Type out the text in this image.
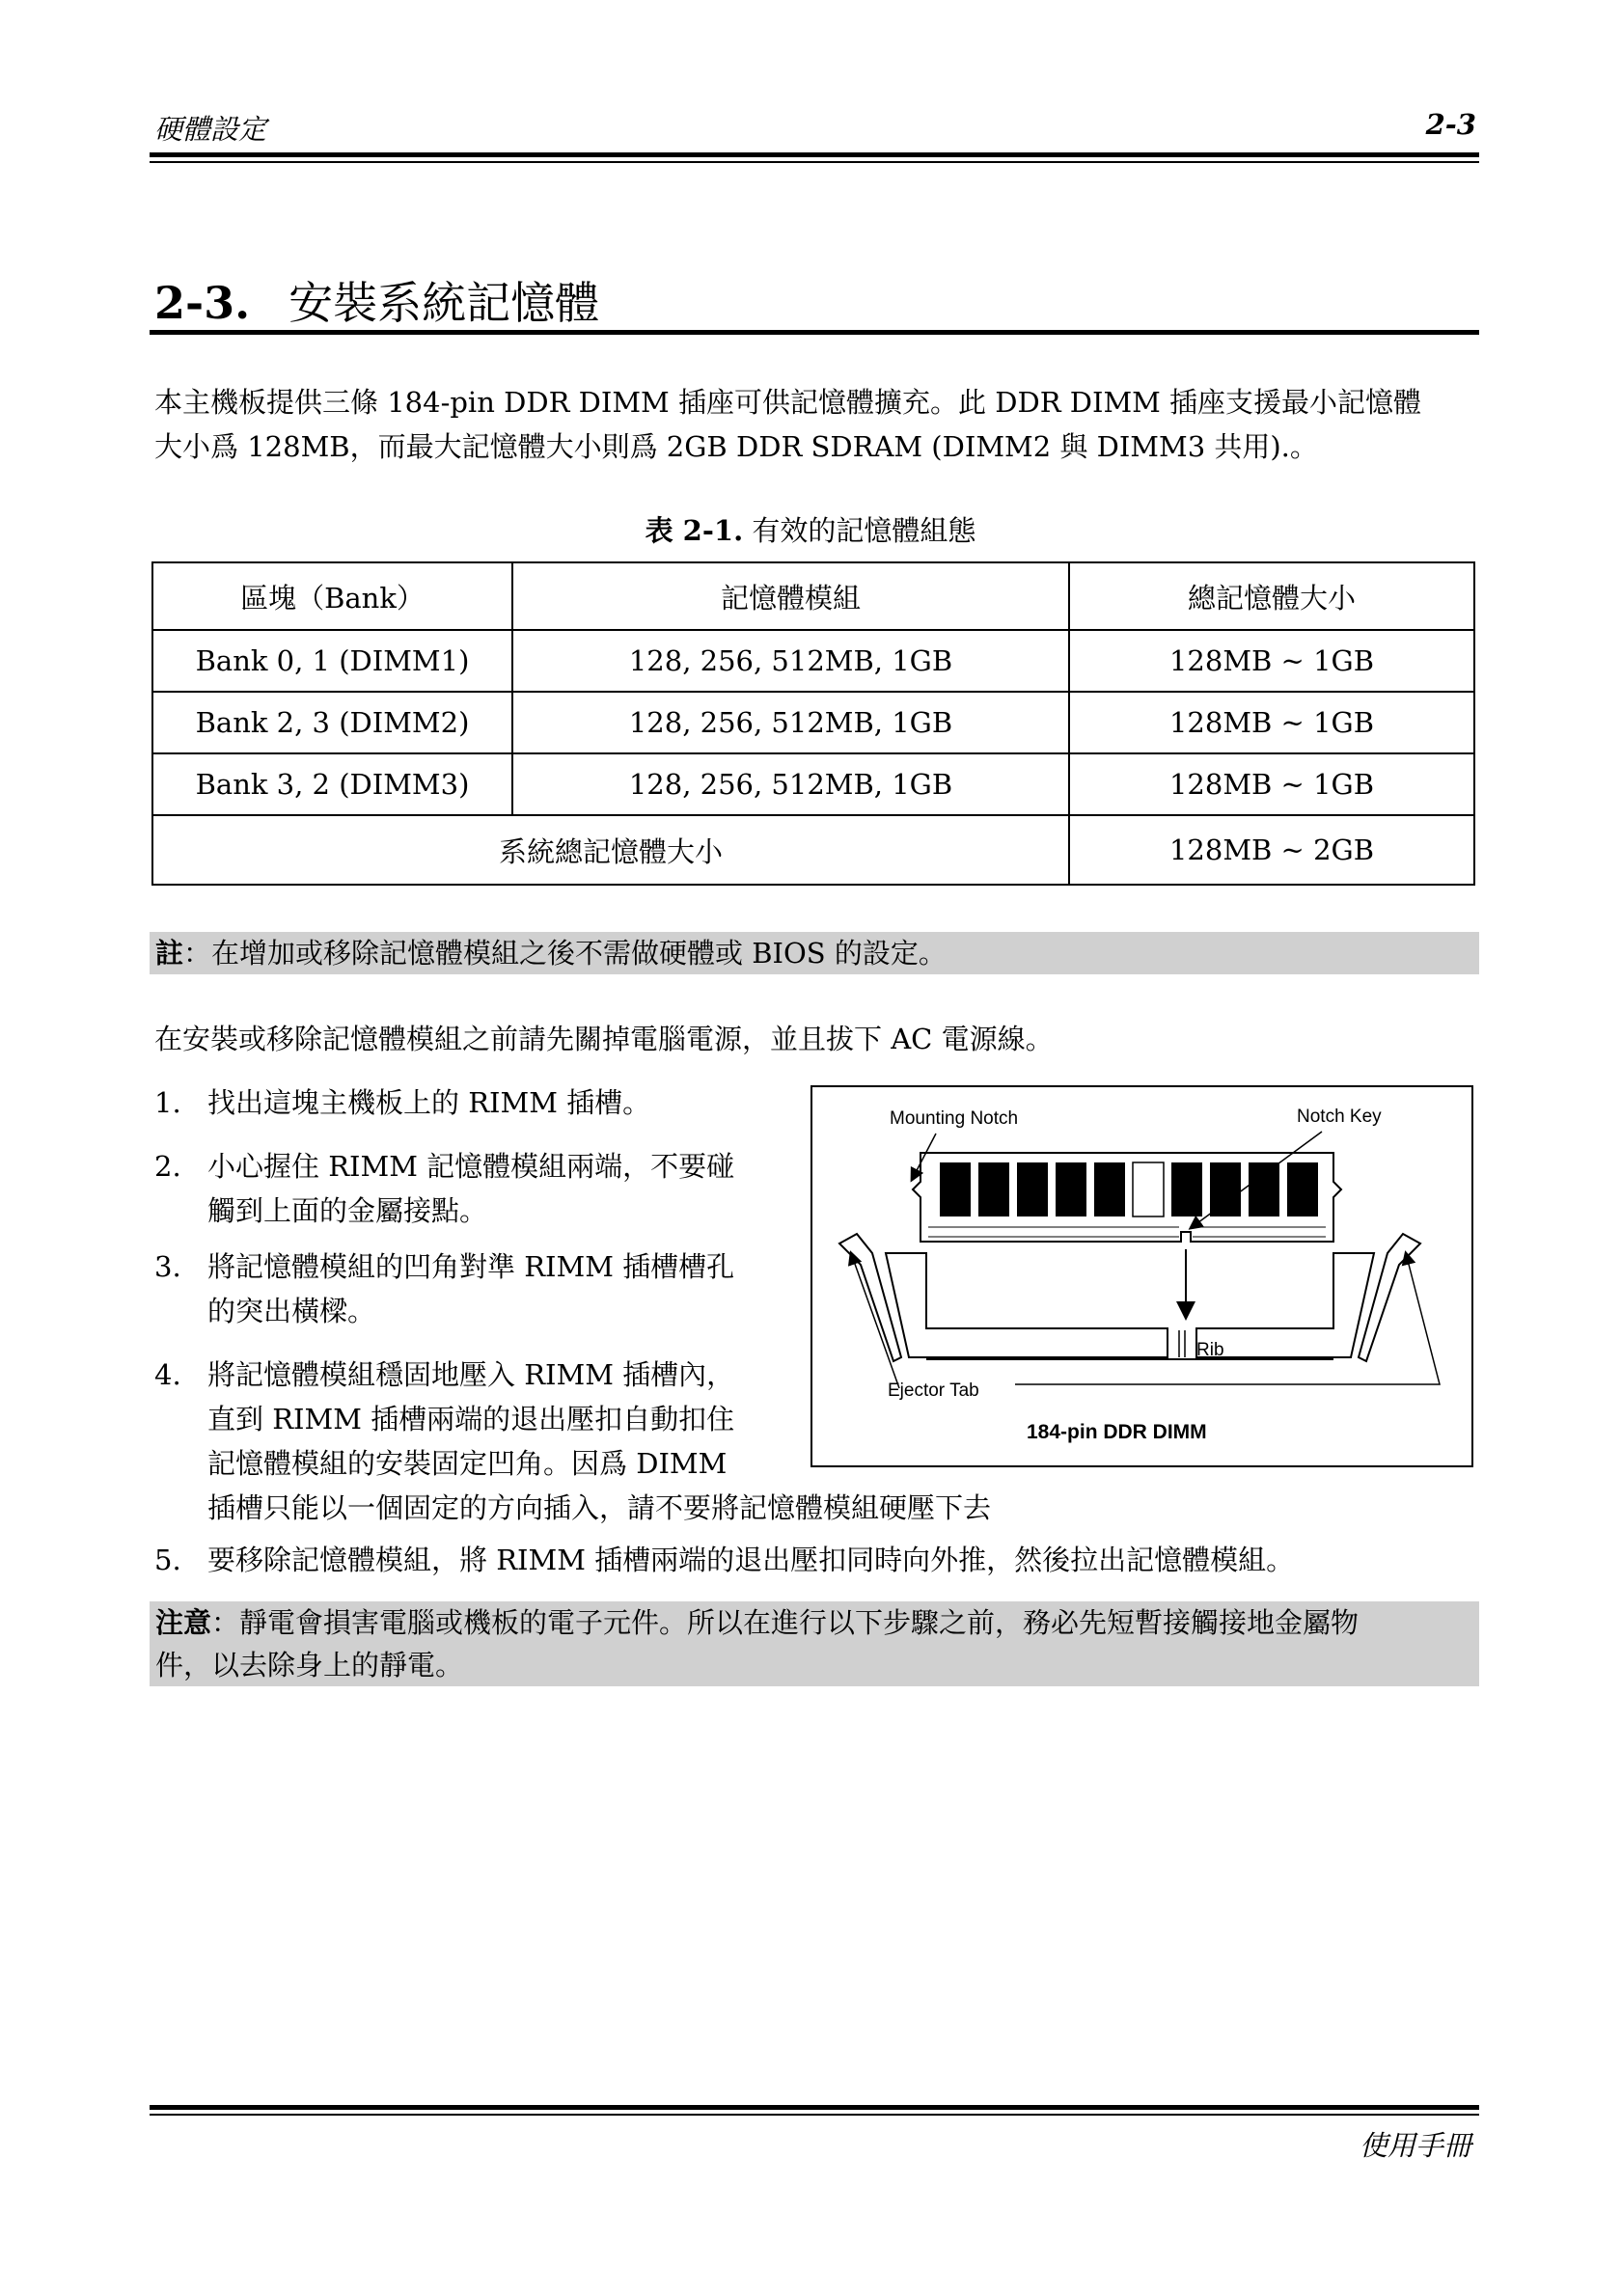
硬體設定	2-3
2-3. 安裝系統記憶體
本主機板提供三條 184-pin DDR DIMM 插座可供記憶體擴充。此 DDR DIMM 插座支援最小記憶體
大小爲 128MB，而最大記憶體大小則爲 2GB DDR SDRAM (DIMM2 與 DIMM3 共用).。
表 2-1. 有效的記憶體組態
區塊（Bank）	記憶體模組	總記憶體大小
Bank 0, 1 (DIMM1)	128, 256, 512MB, 1GB	128MB ~ 1GB
Bank 2, 3 (DIMM2)	128, 256, 512MB, 1GB	128MB ~ 1GB
Bank 3, 2 (DIMM3)	128, 256, 512MB, 1GB	128MB ~ 1GB
系統總記憶體大小		128MB ~ 2GB
註：在增加或移除記憶體模組之後不需做硬體或 BIOS 的設定。
在安裝或移除記憶體模組之前請先關掉電腦電源，並且拔下 AC 電源線。
1. 找出這塊主機板上的 RIMM 插槽。
2. 小心握住 RIMM 記憶體模組兩端，不要碰
觸到上面的金屬接點。
3. 將記憶體模組的凹角對準 RIMM 插槽槽孔
的突出橫樑。
4. 將記憶體模組穩固地壓入 RIMM 插槽內，
直到 RIMM 插槽兩端的退出壓扣自動扣住
記憶體模組的安裝固定凹角。因爲 DIMM
插槽只能以一個固定的方向插入，請不要將記憶體模組硬壓下去
5. 要移除記憶體模組，將 RIMM 插槽兩端的退出壓扣同時向外推，然後拉出記憶體模組。
Mounting Notch	Notch Key
Rib
Ejector Tab
184-pin DDR DIMM
注意：靜電會損害電腦或機板的電子元件。所以在進行以下步驟之前，務必先短暫接觸接地金屬物
件，以去除身上的靜電。
使用手冊
